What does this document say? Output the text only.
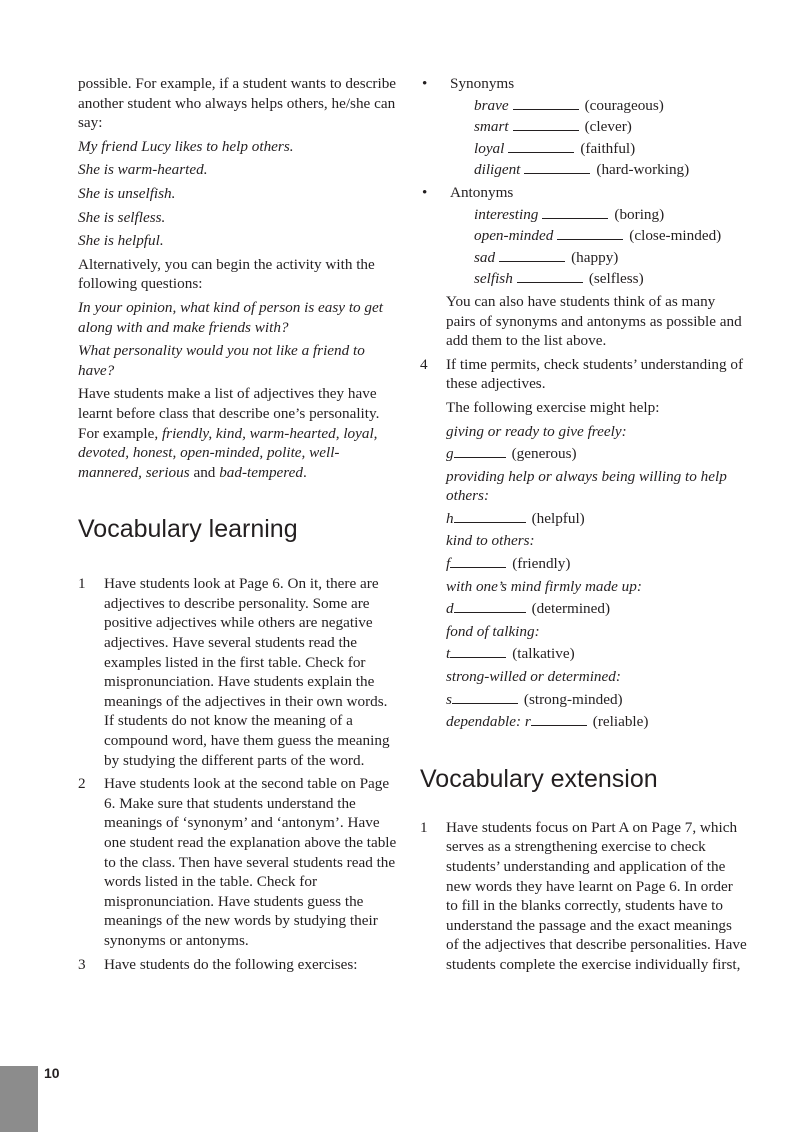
possible. For example, if a student wants to describe another student who always helps others, he/she can say:

My friend Lucy likes to help others.

She is warm-hearted.

She is unselfish.

She is selfless.

She is helpful.

Alternatively, you can begin the activity with the following questions:

In your opinion, what kind of person is easy to get along with and make friends with?

What personality would you not like a friend to have?

Have students make a list of adjectives they have learnt before class that describe one’s personality. For example, friendly, kind, warm-hearted, loyal, devoted, honest, open-minded, polite, well-mannered, serious and bad-tempered.

Vocabulary learning
1	Have students look at Page 6. On it, there are adjectives to describe personality. Some are positive adjectives while others are negative adjectives. Have several students read the examples listed in the first table. Check for mispronunciation. Have students explain the meanings of the adjectives in their own words. If students do not know the meaning of a compound word, have them guess the meaning by studying the different parts of the word.
2	Have students look at the second table on Page 6. Make sure that students understand the meanings of ‘synonym’ and ‘antonym’. Have one student read the explanation above the table to the class. Then have several students read the words listed in the table. Check for mispronunciation. Have students guess the meanings of the new words by studying their synonyms or antonyms.
3	Have students do the following exercises:
•	Synonyms
brave	(courageous)
smart	(clever)
loyal	(faithful)
diligent	(hard-working)
•	Antonyms
interesting	(boring)
open-minded	(close-minded)
sad	(happy)
selfish	(selfless)

You can also have students think of as many pairs of synonyms and antonyms as possible and add them to the list above.

4	If time permits, check students’ understanding of these adjectives.

The following exercise might help:

giving or ready to give freely:
g	(generous)
providing help or always being willing to help others:
h	(helpful)
kind to others:
f	(friendly)
with one’s mind firmly made up:
d	(determined)
fond of talking:
t	(talkative)
strong-willed or determined:
s	(strong-minded)
dependable: r	(reliable)
Vocabulary extension
1	Have students focus on Part A on Page 7, which serves as a strengthening exercise to check students’ understanding and application of the new words they have learnt on Page 6. In order to fill in the blanks correctly, students have to understand the passage and the exact meanings of the adjectives that describe personalities. Have students complete the exercise individually first,
10
